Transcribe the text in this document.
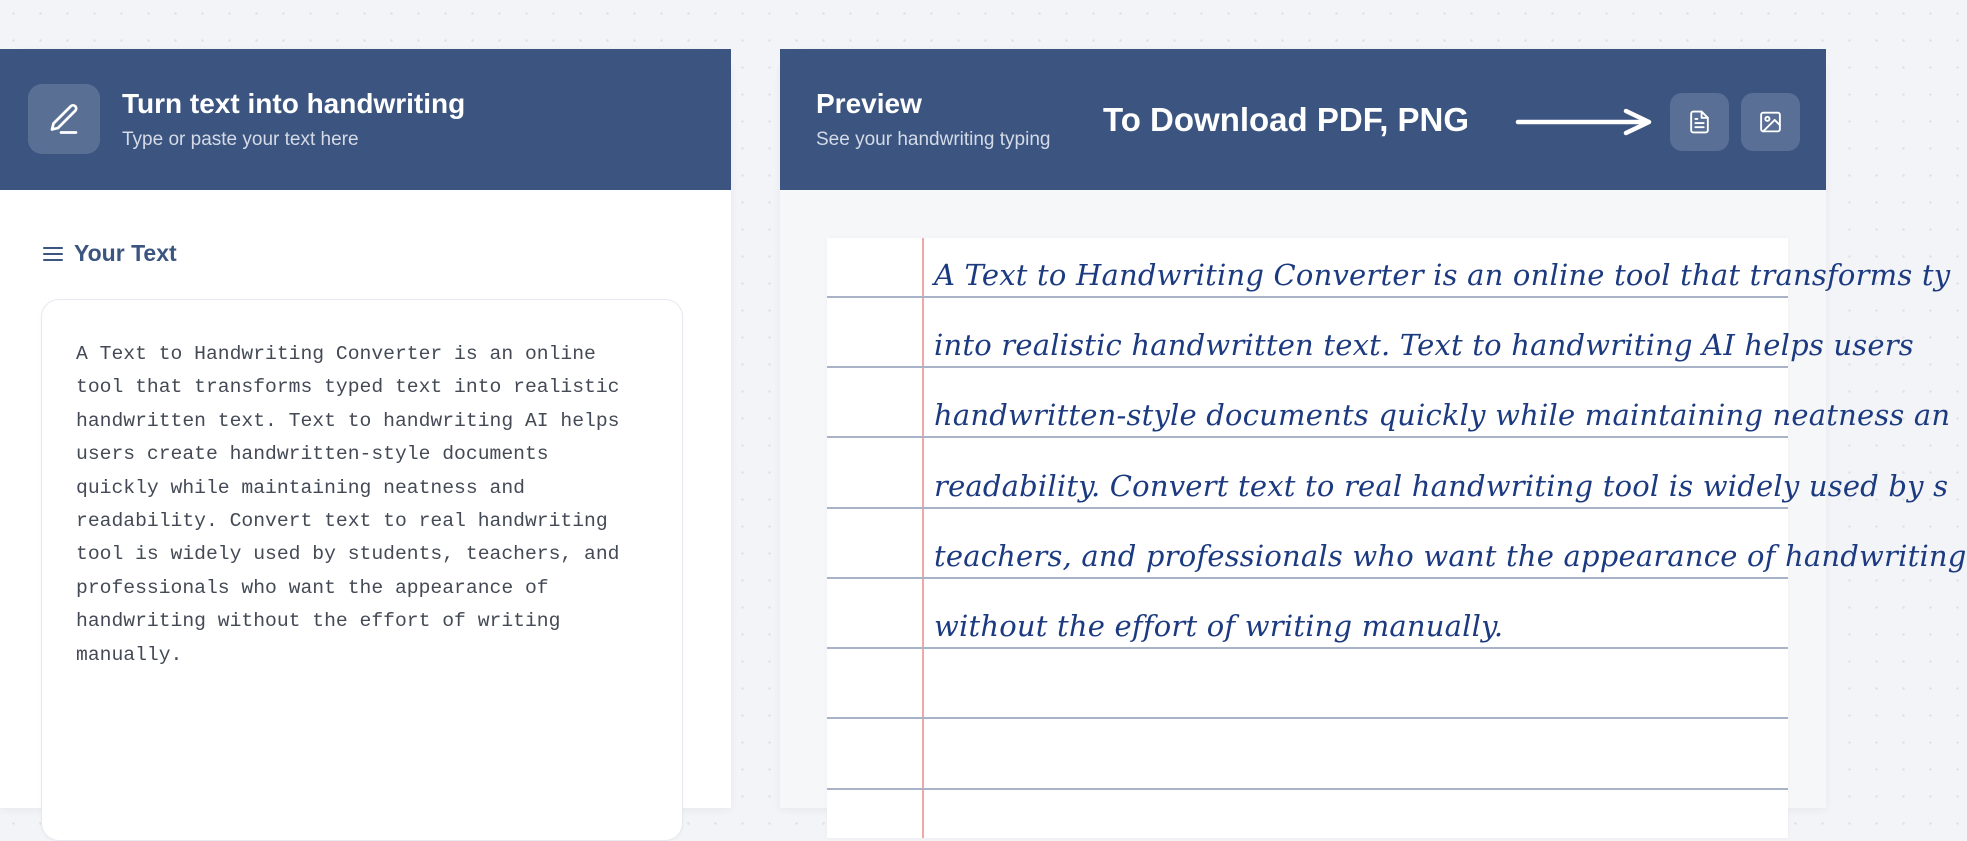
Turn text into handwriting
Type or paste your text here
Your Text
A Text to Handwriting Converter is an online
tool that transforms typed text into realistic
handwritten text. Text to handwriting AI helps
users create handwritten-style documents
quickly while maintaining neatness and
readability. Convert text to real handwriting
tool is widely used by students, teachers, and
professionals who want the appearance of
handwriting without the effort of writing
manually.
Preview
See your handwriting typing
To Download PDF, PNG
A Text to Handwriting Converter is an online tool that transforms ty
into realistic handwritten text. Text to handwriting AI helps users
handwritten-style documents quickly while maintaining neatness an
readability. Convert text to real handwriting tool is widely used by s
teachers, and professionals who want the appearance of handwriting
without the effort of writing manually.
